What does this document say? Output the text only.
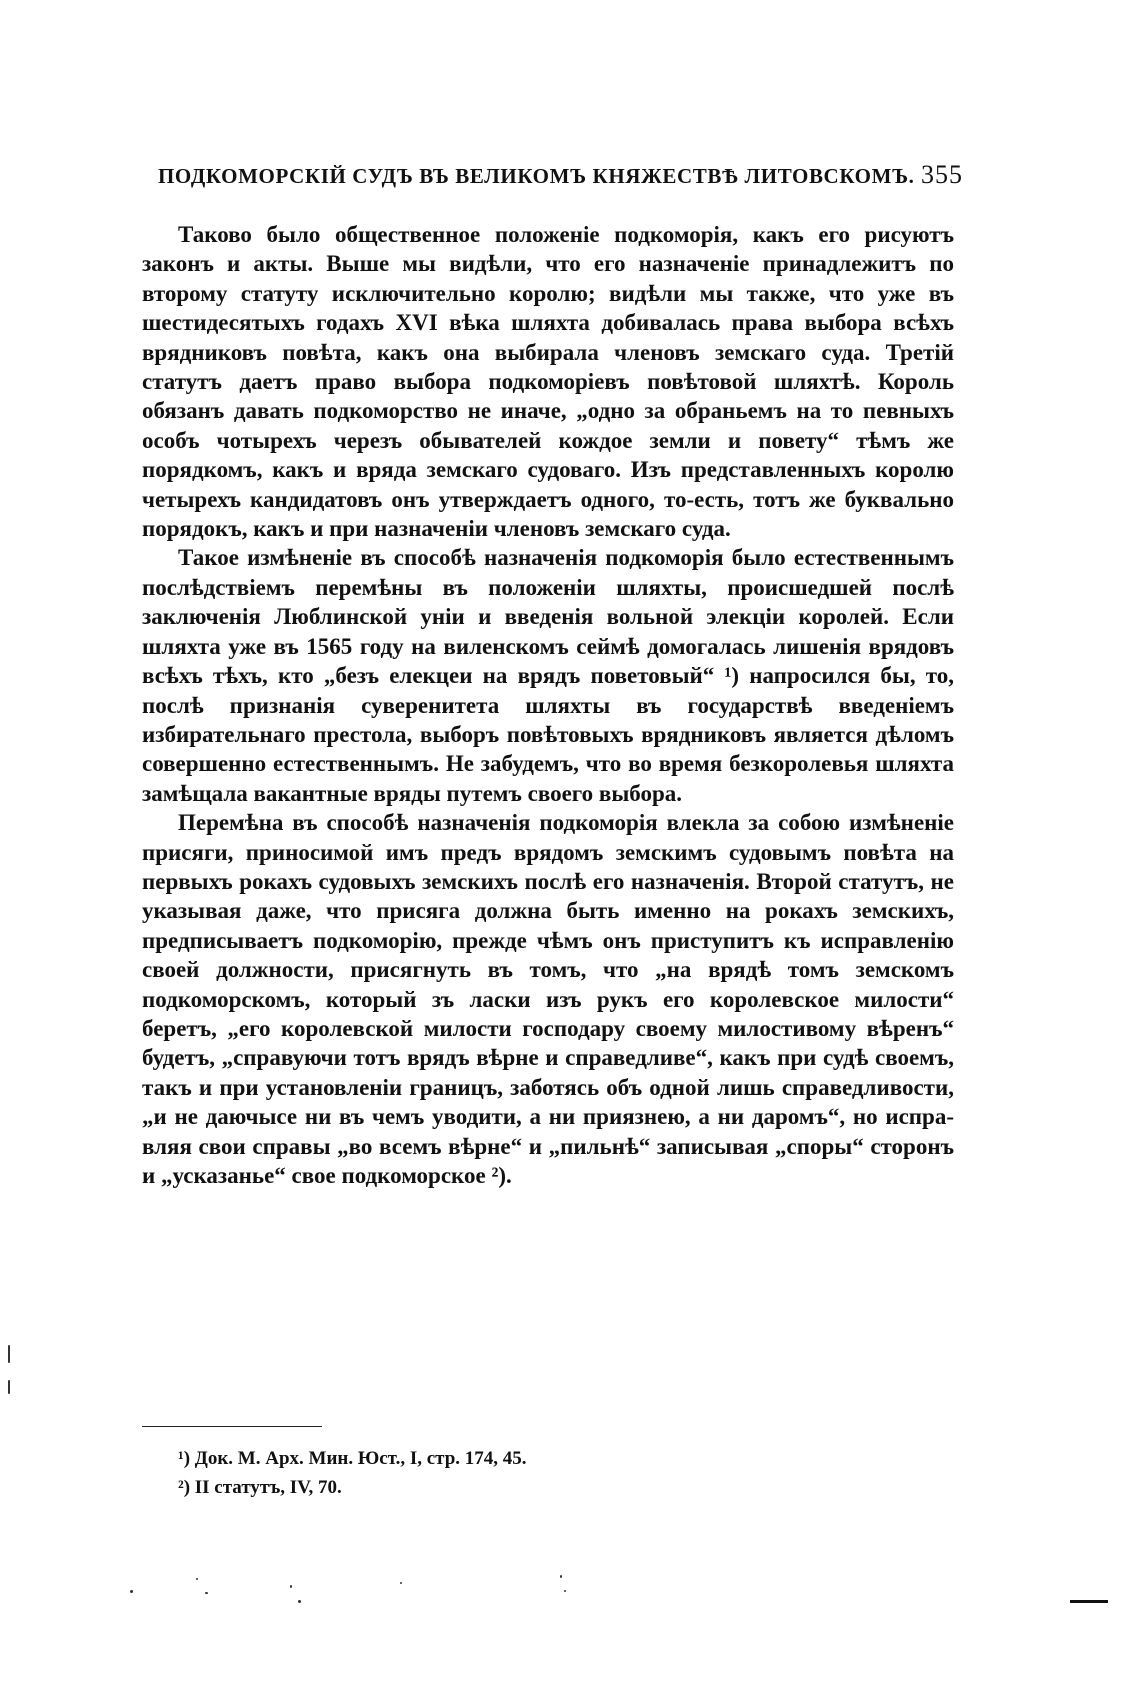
ПОДКОМОРСКІЙ СУДЪ ВЪ ВЕЛИКОМЪ КНЯЖЕСТВѢ ЛИТОВСКОМЪ. 355

Таково было общественное положеніе подкоморія, какъ его рисуютъ законъ и акты. Выше мы видѣли, что его назначеніе принадлежитъ по второму статуту исключительно королю; видѣли мы также, что уже въ шестидесятыхъ годахъ XVI вѣка шляхта добивалась права выбора всѣхъ врядниковъ повѣта, какъ она выбирала членовъ земскаго суда. Третій статутъ даетъ право выбора подкоморіевъ повѣтовой шляхтѣ. Король обязанъ давать подкоморство не иначе, „одно за обраньемъ на то певныхъ особъ чотырехъ черезъ обывателей кождое земли и повету“ тѣмъ же порядкомъ, какъ и вряда земскаго судоваго. Изъ представленныхъ королю четырехъ кандидатовъ онъ утверждаетъ одного, то-есть, тотъ же буквально порядокъ, какъ и при назначеніи членовъ земскаго суда.

Такое измѣненіе въ способѣ назначенія подкоморія было естественнымъ послѣдствіемъ перемѣны въ положеніи шляхты, происшедшей послѣ заключенія Люблинской уніи и введенія вольной элекціи королей. Если шляхта уже въ 1565 году на виленскомъ сеймѣ домогалась лишенія врядовъ всѣхъ тѣхъ, кто „безъ елекцеи на врядъ поветовый“ ¹) напросился бы, то, послѣ признанія суверенитета шляхты въ государствѣ введеніемъ избирательнаго престола, выборъ повѣтовыхъ врядниковъ является дѣломъ совершенно естественнымъ. Не забудемъ, что во время безкоролевья шляхта замѣщала вакантные вряды путемъ своего выбора.

Перемѣна въ способѣ назначенія подкоморія влекла за собою измѣненіе присяги, приносимой имъ предъ врядомъ земскимъ судовымъ повѣта на первыхъ рокахъ судовыхъ земскихъ послѣ его назначенія. Второй статутъ, не указывая даже, что присяга должна быть именно на рокахъ земскихъ, предписываетъ подкоморію, прежде чѣмъ онъ приступитъ къ исправленію своей должности, присягнуть въ томъ, что „на врядѣ томъ земскомъ подкоморскомъ, который зъ ласки изъ рукъ его королевское милости“ беретъ, „его королевской милости господару своему милостивому вѣренъ“ будетъ, „справуючи тотъ врядъ вѣрне и справедливе“, какъ при судѣ своемъ, такъ и при установленіи границъ, заботясь объ одной лишь справедливости, „и не даючысе ни въ чемъ уводити, а ни приязнею, а ни даромъ“, но исправляя свои справы „во всемъ вѣрне“ и „пильнѣ“ записывая „споры“ сторонъ и „усказанье“ свое подкоморское ²).

¹) Док. М. Арх. Мин. Юст., I, стр. 174, 45.

²) II статутъ, IV, 70.
